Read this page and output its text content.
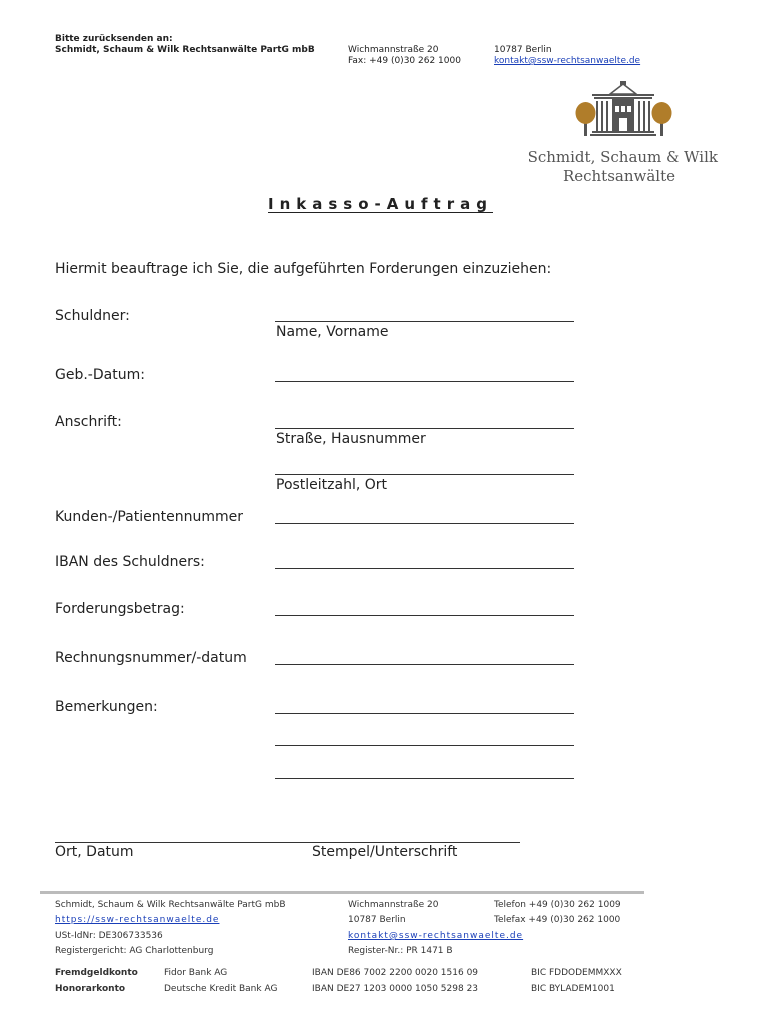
Bitte zurücksenden an:
Schmidt, Schaum & Wilk Rechtsanwälte PartG mbB	Wichmannstraße 20
Fax: +49 (0)30 262 1000
10787 Berlin
kontakt@ssw-rechtsanwaelte.de
Schmidt, Schaum & Wilk
Rechtsanwälte
Inkasso-Auftrag
Hiermit beauftrage ich Sie, die aufgeführten Forderungen einzuziehen:
Schuldner:
Name, Vorname
Geb.-Datum:
Anschrift:
Straße, Hausnummer
Postleitzahl, Ort
Kunden-/Patientennummer
IBAN des Schuldners:
Forderungsbetrag:
Rechnungsnummer/-datum
Bemerkungen:
Ort, Datum	Stempel/Unterschrift
Schmidt, Schaum & Wilk Rechtsanwälte PartG mbB
https://ssw-rechtsanwaelte.de
USt-IdNr: DE306733536
Registergericht: AG Charlottenburg
Wichmannstraße 20
10787 Berlin
kontakt@ssw-rechtsanwaelte.de
Register-Nr.: PR 1471 B
Telefon +49 (0)30 262 1009
Telefax +49 (0)30 262 1000
Fremdgeldkonto	Fidor Bank AG	IBAN DE86 7002 2200 0020 1516 09	BIC FDDODEMMXXX
Honorarkonto	Deutsche Kredit Bank AG	IBAN DE27 1203 0000 1050 5298 23	BIC BYLADEM1001
